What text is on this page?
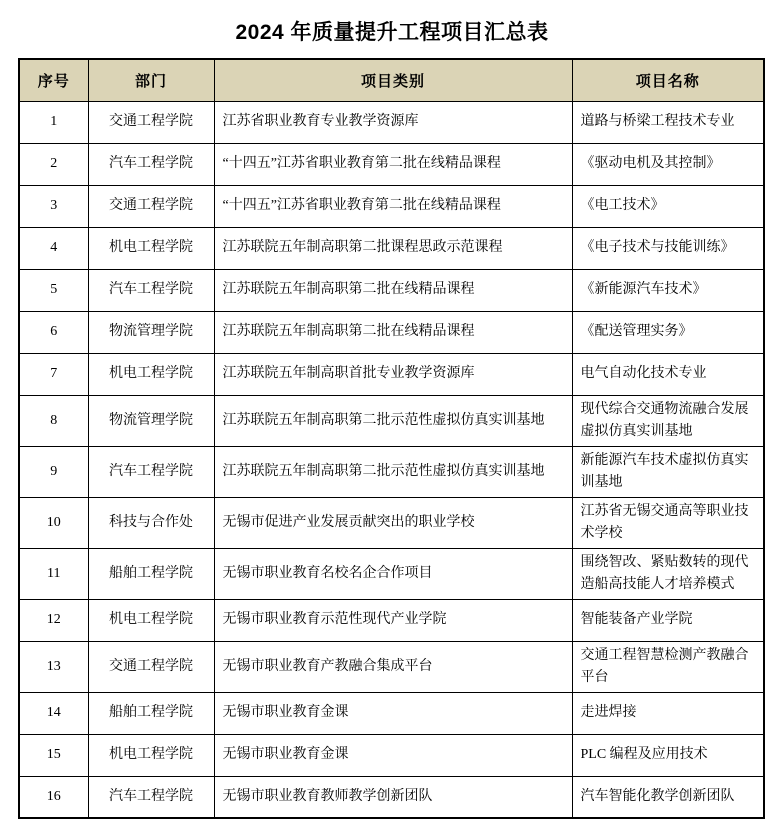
2024 年质量提升工程项目汇总表
序号	部门	项目类别	项目名称
1	交通工程学院	江苏省职业教育专业教学资源库	道路与桥梁工程技术专业
2	汽车工程学院	“十四五”江苏省职业教育第二批在线精品课程	《驱动电机及其控制》
3	交通工程学院	“十四五”江苏省职业教育第二批在线精品课程	《电工技术》
4	机电工程学院	江苏联院五年制高职第二批课程思政示范课程	《电子技术与技能训练》
5	汽车工程学院	江苏联院五年制高职第二批在线精品课程	《新能源汽车技术》
6	物流管理学院	江苏联院五年制高职第二批在线精品课程	《配送管理实务》
7	机电工程学院	江苏联院五年制高职首批专业教学资源库	电气自动化技术专业
8	物流管理学院	江苏联院五年制高职第二批示范性虚拟仿真实训基地	现代综合交通物流融合发展虚拟仿真实训基地
9	汽车工程学院	江苏联院五年制高职第二批示范性虚拟仿真实训基地	新能源汽车技术虚拟仿真实训基地
10	科技与合作处	无锡市促进产业发展贡献突出的职业学校	江苏省无锡交通高等职业技术学校
11	船舶工程学院	无锡市职业教育名校名企合作项目	围绕智改、紧贴数转的现代造船高技能人才培养模式
12	机电工程学院	无锡市职业教育示范性现代产业学院	智能装备产业学院
13	交通工程学院	无锡市职业教育产教融合集成平台	交通工程智慧检测产教融合平台
14	船舶工程学院	无锡市职业教育金课	走进焊接
15	机电工程学院	无锡市职业教育金课	PLC 编程及应用技术
16	汽车工程学院	无锡市职业教育教师教学创新团队	汽车智能化教学创新团队
